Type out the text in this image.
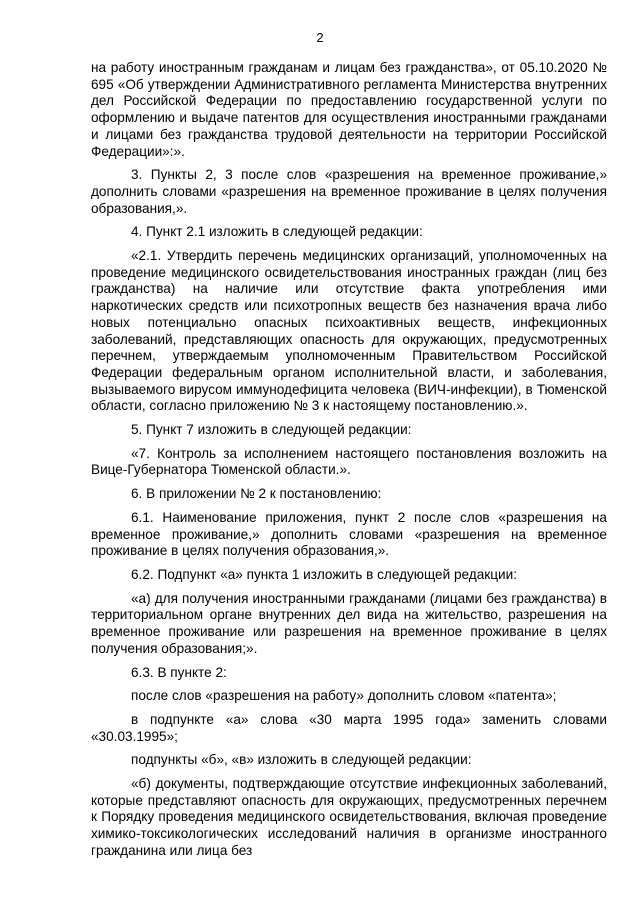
2

на работу иностранным гражданам и лицам без гражданства», от 05.10.2020 № 695 «Об утверждении Административного регламента Министерства внутренних дел Российской Федерации по предоставлению государственной услуги по оформлению и выдаче патентов для осуществления иностранными гражданами и лицами без гражданства трудовой деятельности на территории Российской Федерации»:».

3. Пункты 2, 3 после слов «разрешения на временное проживание,» дополнить словами «разрешения на временное проживание в целях получения образования,».

4. Пункт 2.1 изложить в следующей редакции:

«2.1. Утвердить перечень медицинских организаций, уполномоченных на проведение медицинского освидетельствования иностранных граждан (лиц без гражданства) на наличие или отсутствие факта употребления ими наркотических средств или психотропных веществ без назначения врача либо новых потенциально опасных психоактивных веществ, инфекционных заболеваний, представляющих опасность для окружающих, предусмотренных перечнем, утверждаемым уполномоченным Правительством Российской Федерации федеральным органом исполнительной власти, и заболевания, вызываемого вирусом иммунодефицита человека (ВИЧ-инфекции), в Тюменской области, согласно приложению № 3 к настоящему постановлению.».

5. Пункт 7 изложить в следующей редакции:

«7. Контроль за исполнением настоящего постановления возложить на Вице-Губернатора Тюменской области.».

6. В приложении № 2 к постановлению:

6.1. Наименование приложения, пункт 2 после слов «разрешения на временное проживание,» дополнить словами «разрешения на временное проживание в целях получения образования,».

6.2. Подпункт «а» пункта 1 изложить в следующей редакции:

«а) для получения иностранными гражданами (лицами без гражданства) в территориальном органе внутренних дел вида на жительство, разрешения на временное проживание или разрешения на временное проживание в целях получения образования;».

6.3. В пункте 2:

после слов «разрешения на работу» дополнить словом «патента»;

в подпункте «а» слова «30 марта 1995 года» заменить словами «30.03.1995»;

подпункты «б», «в» изложить в следующей редакции:

«б) документы, подтверждающие отсутствие инфекционных заболеваний, которые представляют опасность для окружающих, предусмотренных перечнем к Порядку проведения медицинского освидетельствования, включая проведение химико-токсикологических исследований наличия в организме иностранного гражданина или лица без
